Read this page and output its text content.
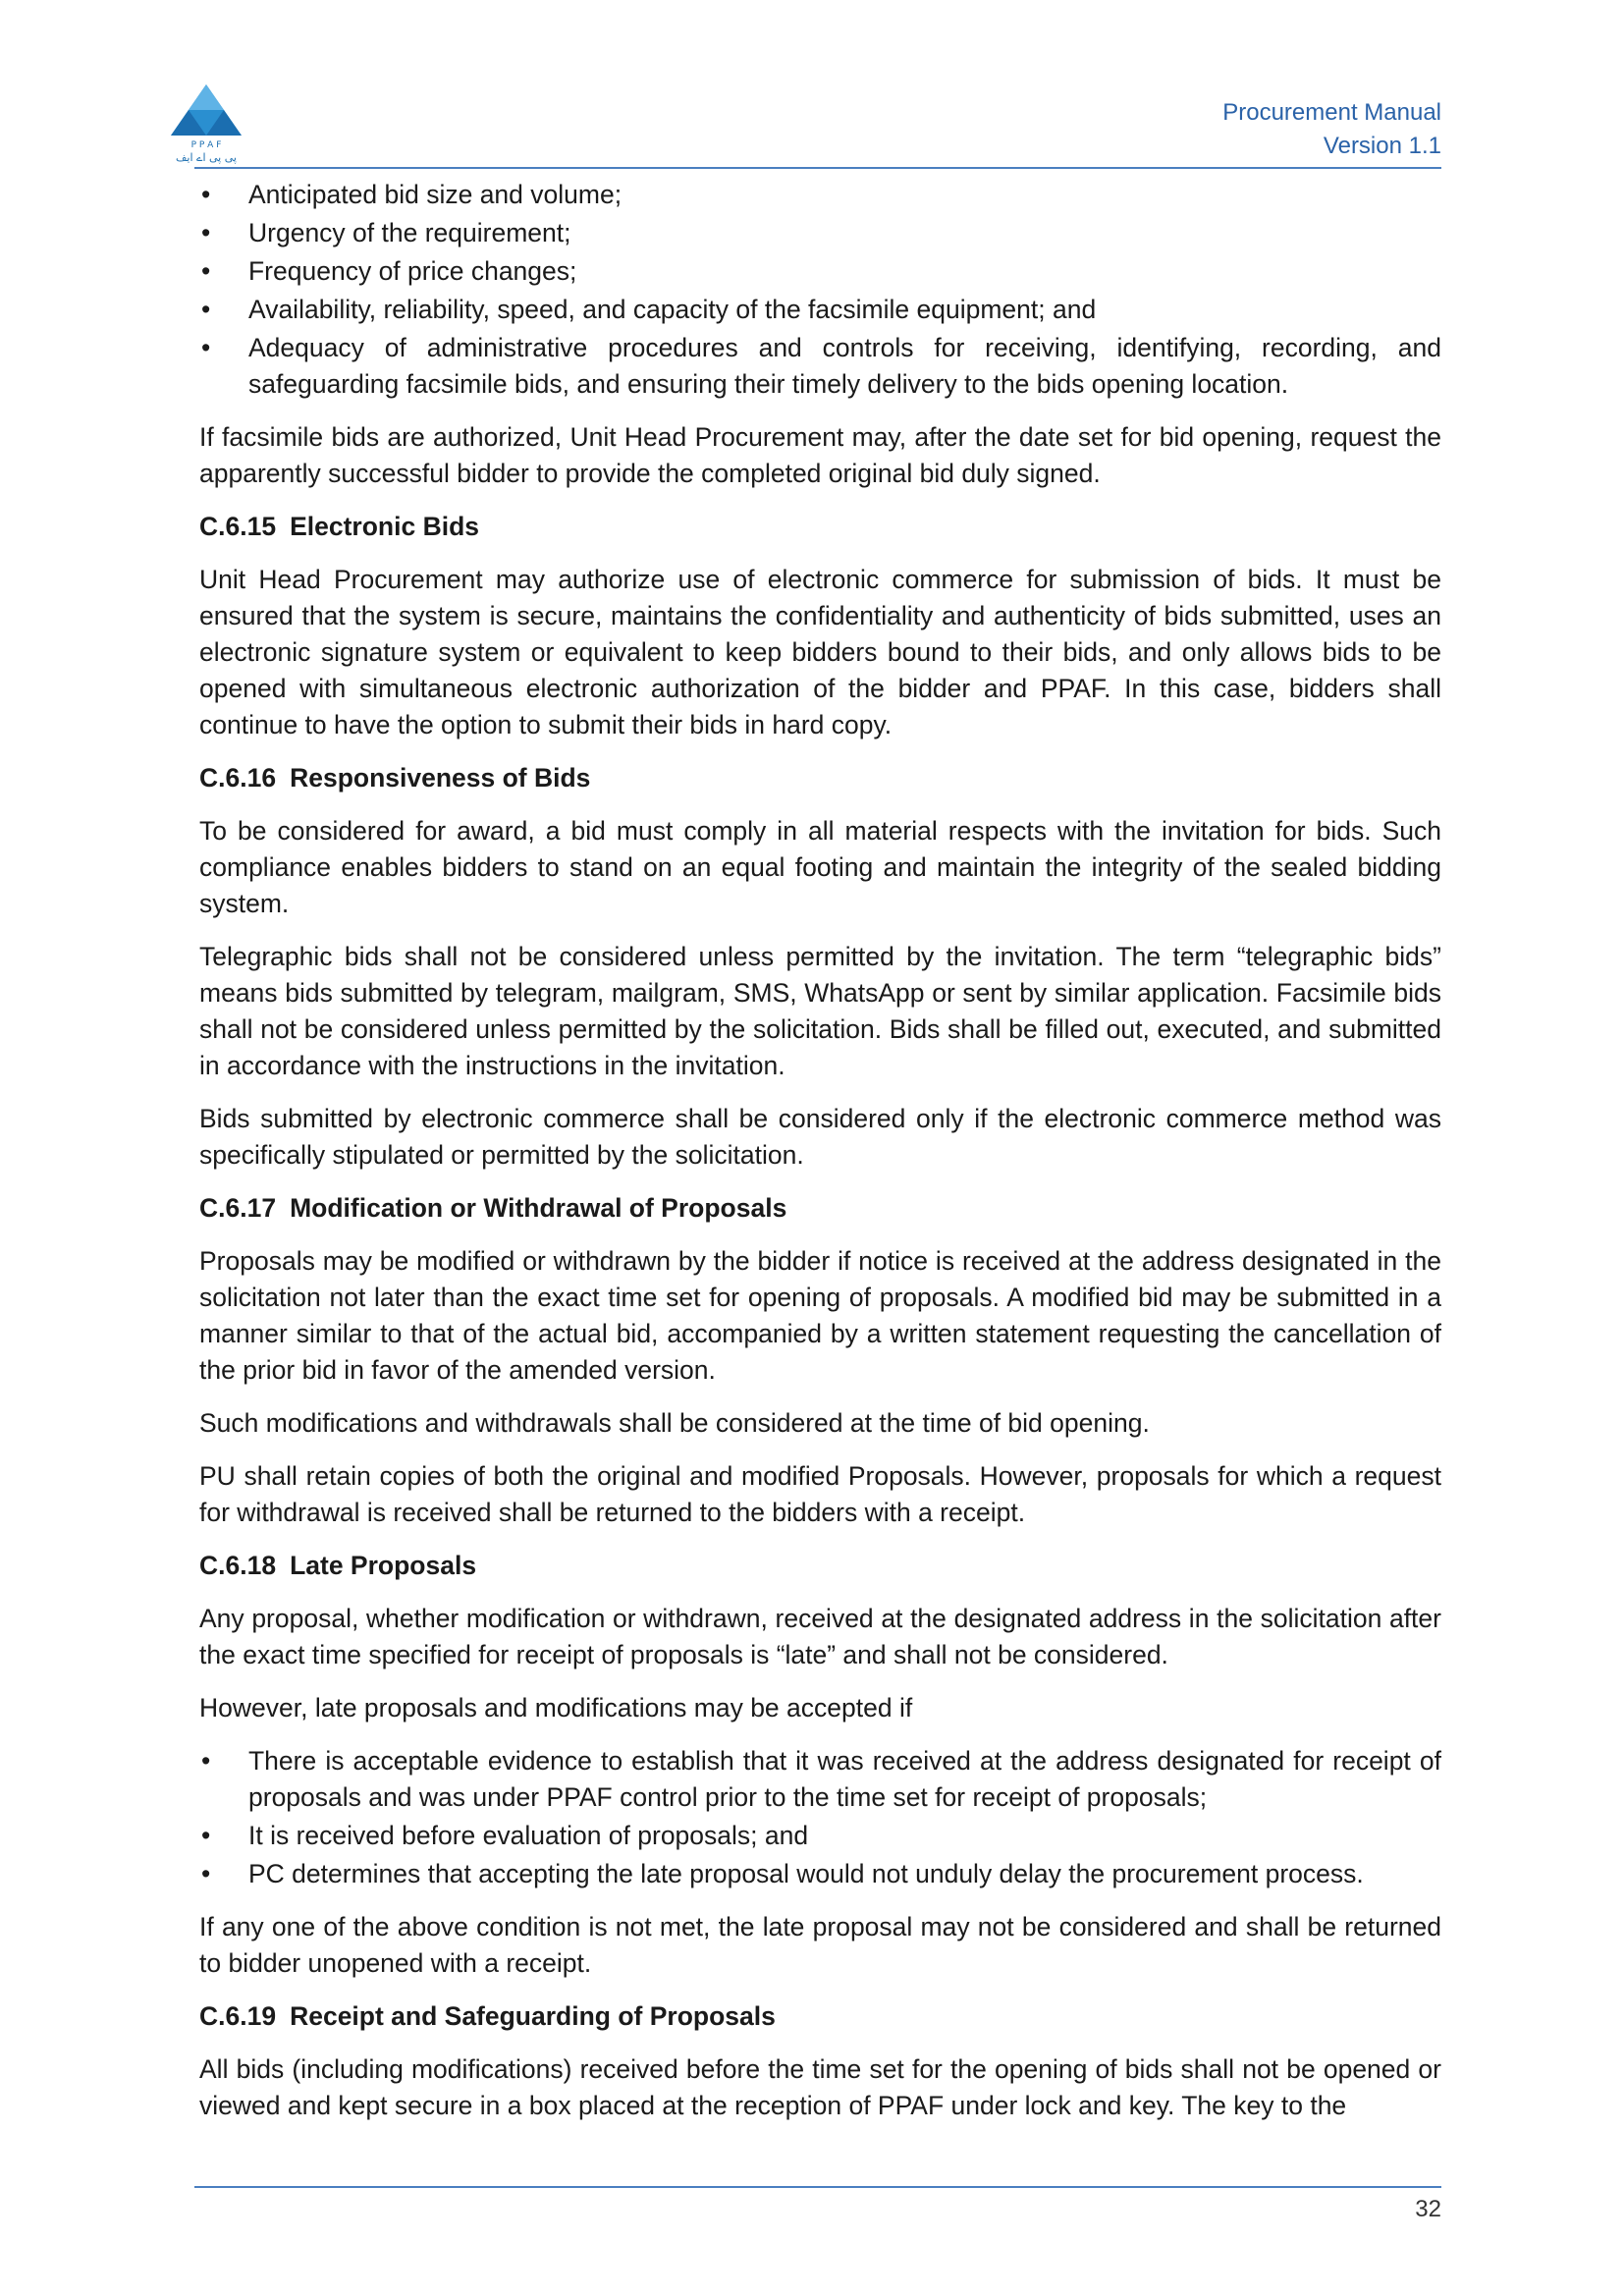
P P A F
پی پی اے ایف
Procurement Manual
Version 1.1
• Anticipated bid size and volume;
• Urgency of the requirement;
• Frequency of price changes;
• Availability, reliability, speed, and capacity of the facsimile equipment; and
• Adequacy of administrative procedures and controls for receiving, identifying, recording, and safeguarding facsimile bids, and ensuring their timely delivery to the bids opening location.

If facsimile bids are authorized, Unit Head Procurement may, after the date set for bid opening, request the apparently successful bidder to provide the completed original bid duly signed.

C.6.15 Electronic Bids

Unit Head Procurement may authorize use of electronic commerce for submission of bids. It must be ensured that the system is secure, maintains the confidentiality and authenticity of bids submitted, uses an electronic signature system or equivalent to keep bidders bound to their bids, and only allows bids to be opened with simultaneous electronic authorization of the bidder and PPAF. In this case, bidders shall continue to have the option to submit their bids in hard copy.

C.6.16 Responsiveness of Bids

To be considered for award, a bid must comply in all material respects with the invitation for bids. Such compliance enables bidders to stand on an equal footing and maintain the integrity of the sealed bidding system.

Telegraphic bids shall not be considered unless permitted by the invitation. The term “telegraphic bids” means bids submitted by telegram, mailgram, SMS, WhatsApp or sent by similar application. Facsimile bids shall not be considered unless permitted by the solicitation. Bids shall be filled out, executed, and submitted in accordance with the instructions in the invitation.

Bids submitted by electronic commerce shall be considered only if the electronic commerce method was specifically stipulated or permitted by the solicitation.

C.6.17 Modification or Withdrawal of Proposals

Proposals may be modified or withdrawn by the bidder if notice is received at the address designated in the solicitation not later than the exact time set for opening of proposals. A modified bid may be submitted in a manner similar to that of the actual bid, accompanied by a written statement requesting the cancellation of the prior bid in favor of the amended version.

Such modifications and withdrawals shall be considered at the time of bid opening.

PU shall retain copies of both the original and modified Proposals. However, proposals for which a request for withdrawal is received shall be returned to the bidders with a receipt.

C.6.18 Late Proposals

Any proposal, whether modification or withdrawn, received at the designated address in the solicitation after the exact time specified for receipt of proposals is “late” and shall not be considered.

However, late proposals and modifications may be accepted if

• There is acceptable evidence to establish that it was received at the address designated for receipt of proposals and was under PPAF control prior to the time set for receipt of proposals;
• It is received before evaluation of proposals; and
• PC determines that accepting the late proposal would not unduly delay the procurement process.

If any one of the above condition is not met, the late proposal may not be considered and shall be returned to bidder unopened with a receipt.

C.6.19 Receipt and Safeguarding of Proposals

All bids (including modifications) received before the time set for the opening of bids shall not be opened or viewed and kept secure in a box placed at the reception of PPAF under lock and key. The key to the

32
